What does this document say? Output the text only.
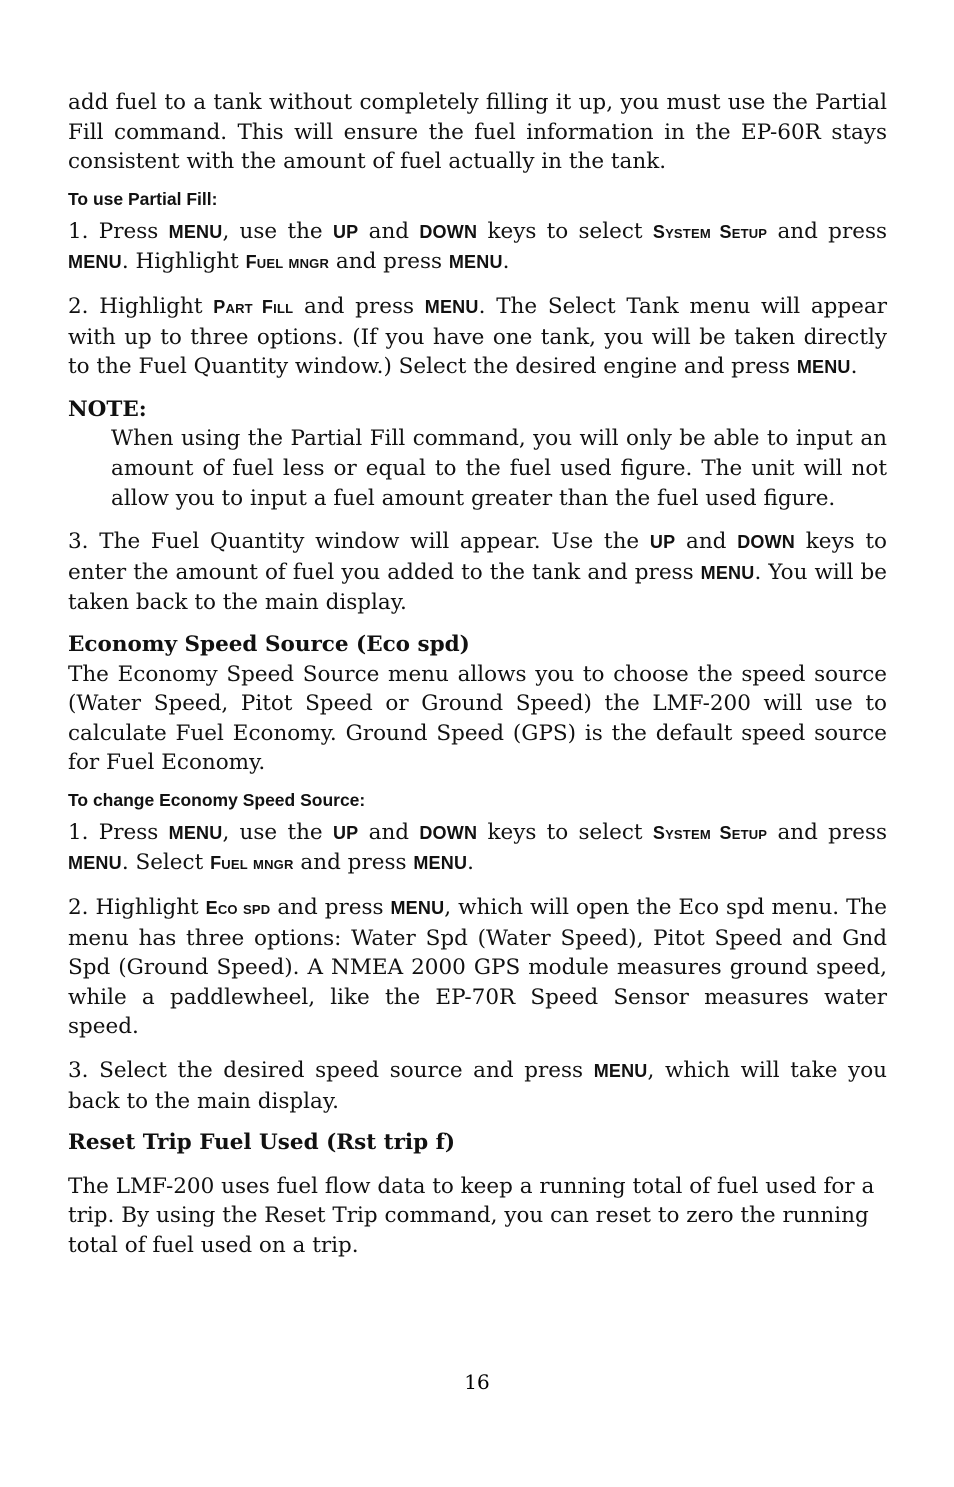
add fuel to a tank without completely filling it up, you must use the Partial Fill command. This will ensure the fuel information in the EP-60R stays consistent with the amount of fuel actually in the tank.

To use Partial Fill:

1. Press MENU, use the UP and DOWN keys to select System Setup and press MENU. Highlight Fuel mngr and press MENU.

2. Highlight Part Fill and press MENU. The Select Tank menu will appear with up to three options. (If you have one tank, you will be taken directly to the Fuel Quantity window.) Select the desired engine and press MENU.

NOTE:

When using the Partial Fill command, you will only be able to input an amount of fuel less or equal to the fuel used figure. The unit will not allow you to input a fuel amount greater than the fuel used figure.

3. The Fuel Quantity window will appear. Use the UP and DOWN keys to enter the amount of fuel you added to the tank and press MENU. You will be taken back to the main display.

Economy Speed Source (Eco spd)

The Economy Speed Source menu allows you to choose the speed source (Water Speed, Pitot Speed or Ground Speed) the LMF-200 will use to calculate Fuel Economy. Ground Speed (GPS) is the default speed source for Fuel Economy.

To change Economy Speed Source:

1. Press MENU, use the UP and DOWN keys to select System Setup and press MENU. Select Fuel mngr and press MENU.

2. Highlight Eco spd and press MENU, which will open the Eco spd menu. The menu has three options: Water Spd (Water Speed), Pitot Speed and Gnd Spd (Ground Speed). A NMEA 2000 GPS module measures ground speed, while a paddlewheel, like the EP-70R Speed Sensor measures water speed.

3. Select the desired speed source and press MENU, which will take you back to the main display.

Reset Trip Fuel Used (Rst trip f)

The LMF-200 uses fuel flow data to keep a running total of fuel used for a trip. By using the Reset Trip command, you can reset to zero the running total of fuel used on a trip.

16
